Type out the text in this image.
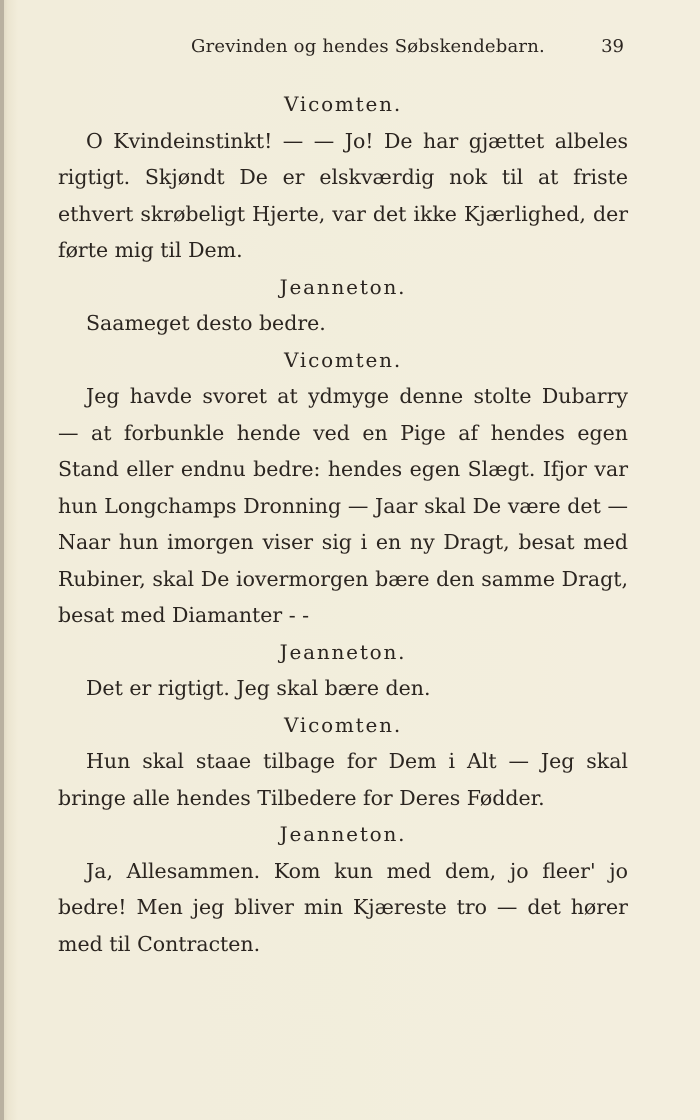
Grevinden og hendes Søbskendebarn.	39

Vicomten.

O Kvindeinstinkt! — — Jo! De har gjættet albeles rigtigt. Skjøndt De er elskværdig nok til at friste ethvert skrøbeligt Hjerte, var det ikke Kjærlighed, der førte mig til Dem.

Jeanneton.

Saameget desto bedre.

Vicomten.

Jeg havde svoret at ydmyge denne stolte Dubarry — at forbunkle hende ved en Pige af hendes egen Stand eller endnu bedre: hendes egen Slægt. Ifjor var hun Longchamps Dronning — Jaar skal De være det — Naar hun imorgen viser sig i en ny Dragt, besat med Rubiner, skal De iovermorgen bære den samme Dragt, besat med Diamanter - -

Jeanneton.

Det er rigtigt. Jeg skal bære den.

Vicomten.

Hun skal staae tilbage for Dem i Alt — Jeg skal bringe alle hendes Tilbedere for Deres Fødder.

Jeanneton.

Ja, Allesammen. Kom kun med dem, jo fleer' jo bedre! Men jeg bliver min Kjæreste tro — det hører med til Contracten.
